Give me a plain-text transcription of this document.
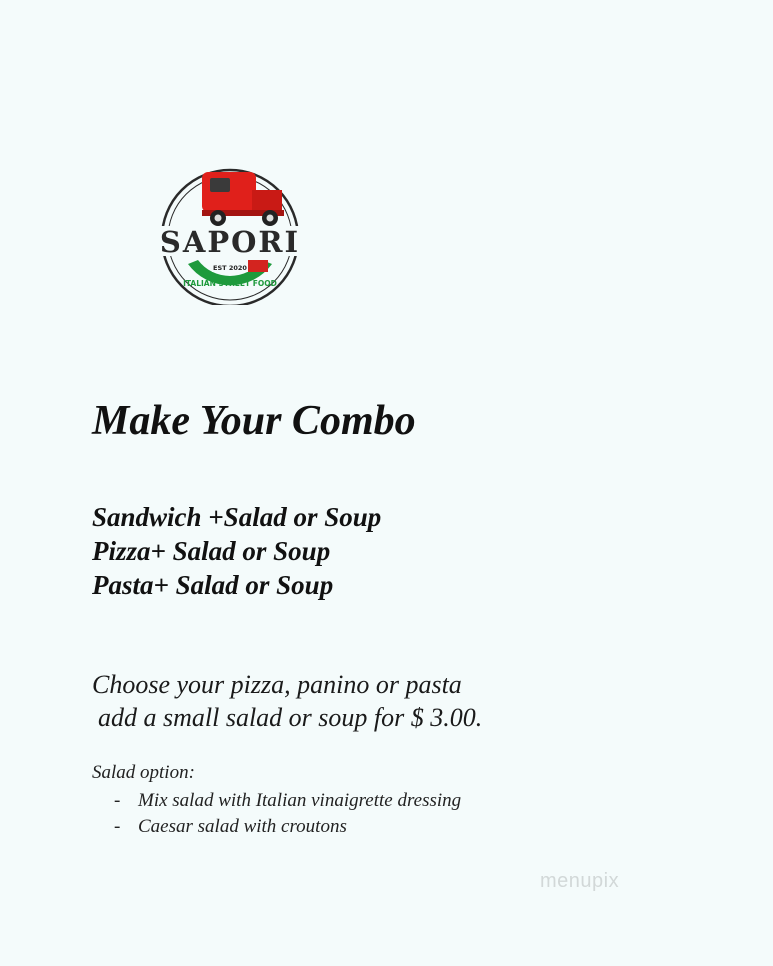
SAPORI
EST 2020
ITALIAN STREET FOOD
Make Your Combo
Sandwich +Salad or Soup
Pizza+ Salad or Soup
Pasta+ Salad or Soup

Choose your pizza, panino or pasta
add a small salad or soup for $ 3.00.

Salad option:

- Mix salad with Italian vinaigrette dressing
- Caesar salad with croutons
menupix
